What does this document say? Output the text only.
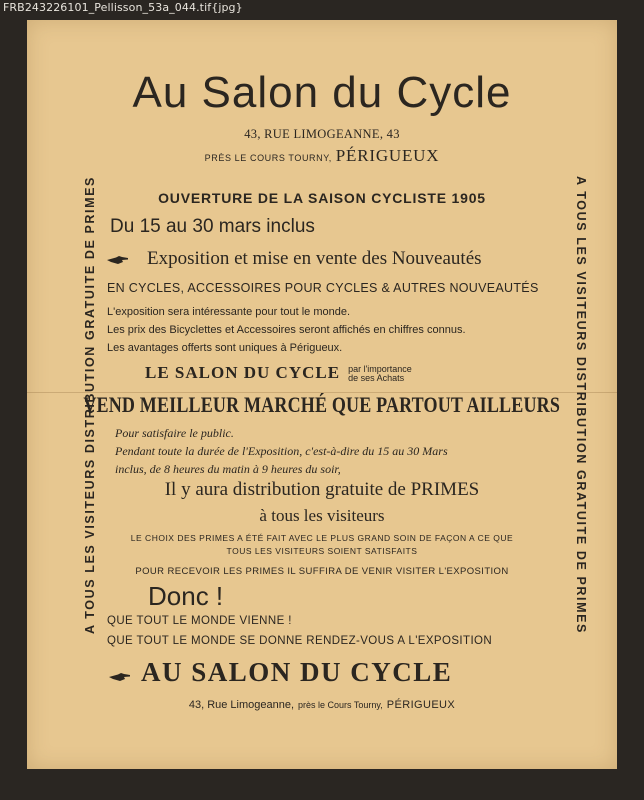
FRB243226101_Pellisson_53a_044.tif{jpg}
A TOUS LES VISITEURS DISTRIBUTION GRATUITE DE PRIMES	A TOUS LES VISITEURS DISTRIBUTION GRATUITE DE PRIMES
Au Salon du Cycle
43, RUE LIMOGEANNE, 43
PRÈS LE COURS TOURNY, PÉRIGUEUX
OUVERTURE DE LA SAISON CYCLISTE 1905
Du 15 au 30 mars inclus
Exposition et mise en vente des Nouveautés
EN CYCLES, ACCESSOIRES POUR CYCLES & AUTRES NOUVEAUTÉS
L'exposition sera intéressante pour tout le monde.
Les prix des Bicyclettes et Accessoires seront affichés en chiffres connus.
Les avantages offerts sont uniques à Périgueux.
LE SALON DU CYCLE par l'importance
de ses Achats
VEND MEILLEUR MARCHÉ QUE PARTOUT AILLEURS
Pour satisfaire le public.
Pendant toute la durée de l'Exposition, c'est-à-dire du 15 au 30 Mars
inclus, de 8 heures du matin à 9 heures du soir,
Il y aura distribution gratuite de PRIMES
à tous les visiteurs
LE CHOIX DES PRIMES A ÉTÉ FAIT AVEC LE PLUS GRAND SOIN DE FAÇON A CE QUE
TOUS LES VISITEURS SOIENT SATISFAITS
POUR RECEVOIR LES PRIMES IL SUFFIRA DE VENIR VISITER L'EXPOSITION
Donc !
QUE TOUT LE MONDE VIENNE !
QUE TOUT LE MONDE SE DONNE RENDEZ-VOUS A L'EXPOSITION
AU SALON DU CYCLE
43, Rue Limogeanne, près le Cours Tourny, PÉRIGUEUX
